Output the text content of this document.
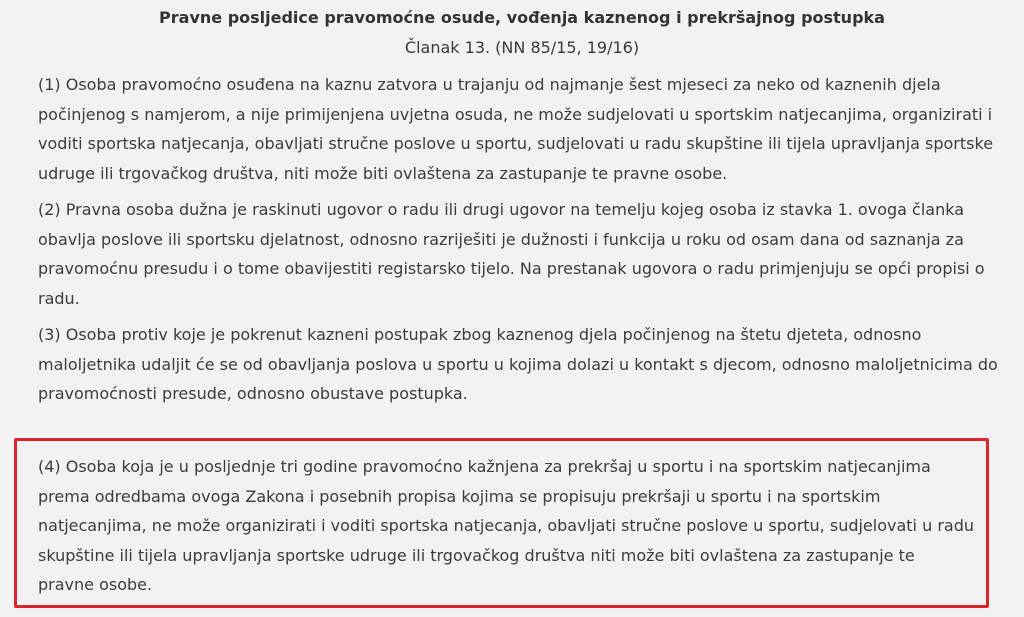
Pravne posljedice pravomoćne osude, vođenja kaznenog i prekršajnog postupka

Članak 13. (NN 85/15, 19/16)

(1) Osoba pravomoćno osuđena na kaznu zatvora u trajanju od najmanje šest mjeseci za neko od kaznenih djela počinjenog s namjerom, a nije primijenjena uvjetna osuda, ne može sudjelovati u sportskim natjecanjima, organizirati i voditi sportska natjecanja, obavljati stručne poslove u sportu, sudjelovati u radu skupštine ili tijela upravljanja sportske udruge ili trgovačkog društva, niti može biti ovlaštena za zastupanje te pravne osobe.

(2) Pravna osoba dužna je raskinuti ugovor o radu ili drugi ugovor na temelju kojeg osoba iz stavka 1. ovoga članka obavlja poslove ili sportsku djelatnost, odnosno razriješiti je dužnosti i funkcija u roku od osam dana od saznanja za pravomoćnu presudu i o tome obavijestiti registarsko tijelo. Na prestanak ugovora o radu primjenjuju se opći propisi o radu.

(3) Osoba protiv koje je pokrenut kazneni postupak zbog kaznenog djela počinjenog na štetu djeteta, odnosno maloljetnika udaljit će se od obavljanja poslova u sportu u kojima dolazi u kontakt s djecom, odnosno maloljetnicima do pravomoćnosti presude, odnosno obustave postupka.

(4) Osoba koja je u posljednje tri godine pravomoćno kažnjena za prekršaj u sportu i na sportskim natjecanjima prema odredbama ovoga Zakona i posebnih propisa kojima se propisuju prekršaji u sportu i na sportskim natjecanjima, ne može organizirati i voditi sportska natjecanja, obavljati stručne poslove u sportu, sudjelovati u radu skupštine ili tijela upravljanja sportske udruge ili trgovačkog društva niti može biti ovlaštena za zastupanje te pravne osobe.
